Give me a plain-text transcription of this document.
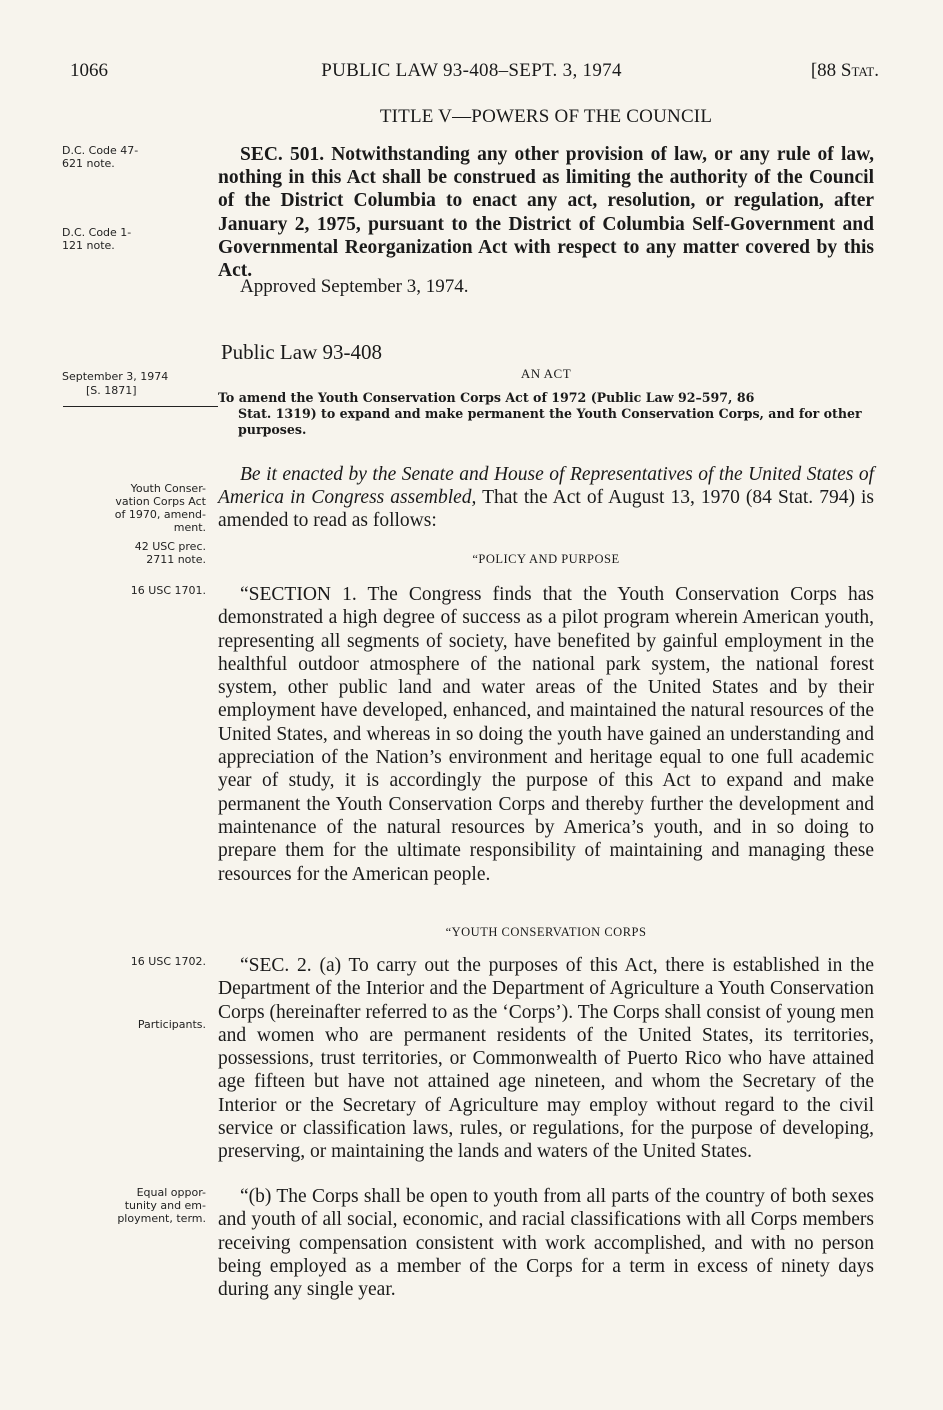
1066	PUBLIC LAW 93-408–SEPT. 3, 1974	[88 Stat.
TITLE V—POWERS OF THE COUNCIL
D.C. Code 47-
621 note.
D.C. Code 1-
121 note.
SEC. 501. Notwithstanding any other provision of law, or any rule of law, nothing in this Act shall be construed as limiting the authority of the Council of the District Columbia to enact any act, resolution, or regulation, after January 2, 1975, pursuant to the District of Columbia Self-Government and Governmental Reorganization Act with respect to any matter covered by this Act.
Approved September 3, 1974.
Public Law 93-408
AN ACT
September 3, 1974
[S. 1871]	To amend the Youth Conservation Corps Act of 1972 (Public Law 92–597, 86

Stat. 1319) to expand and make permanent the Youth Conservation Corps, and for other purposes.

Youth Conser-
vation Corps Act
of 1970, amend-
ment.
42 USC prec.
2711 note.
Be it enacted by the Senate and House of Representatives of the United States of America in Congress assembled, That the Act of August 13, 1970 (84 Stat. 794) is amended to read as follows:
“POLICY AND PURPOSE
16 USC 1701.	“SECTION 1. The Congress finds that the Youth Conservation Corps has demonstrated a high degree of success as a pilot program wherein American youth, representing all segments of society, have benefited by gainful employment in the healthful outdoor atmosphere of the national park system, the national forest system, other public land and water areas of the United States and by their employment have developed, enhanced, and maintained the natural resources of the United States, and whereas in so doing the youth have gained an understanding and appreciation of the Nation’s environment and heritage equal to one full academic year of study, it is accordingly the purpose of this Act to expand and make permanent the Youth Conservation Corps and thereby further the development and maintenance of the natural resources by America’s youth, and in so doing to prepare them for the ultimate responsibility of maintaining and managing these resources for the American people.
“YOUTH CONSERVATION CORPS
16 USC 1702.
Participants.
“SEC. 2. (a) To carry out the purposes of this Act, there is established in the Department of the Interior and the Department of Agriculture a Youth Conservation Corps (hereinafter referred to as the ‘Corps’). The Corps shall consist of young men and women who are permanent residents of the United States, its territories, possessions, trust territories, or Commonwealth of Puerto Rico who have attained age fifteen but have not attained age nineteen, and whom the Secretary of the Interior or the Secretary of Agriculture may employ without regard to the civil service or classification laws, rules, or regulations, for the purpose of developing, preserving, or maintaining the lands and waters of the United States.
Equal oppor-
tunity and em-
ployment, term.
“(b) The Corps shall be open to youth from all parts of the country of both sexes and youth of all social, economic, and racial classifications with all Corps members receiving compensation consistent with work accomplished, and with no person being employed as a member of the Corps for a term in excess of ninety days during any single year.
